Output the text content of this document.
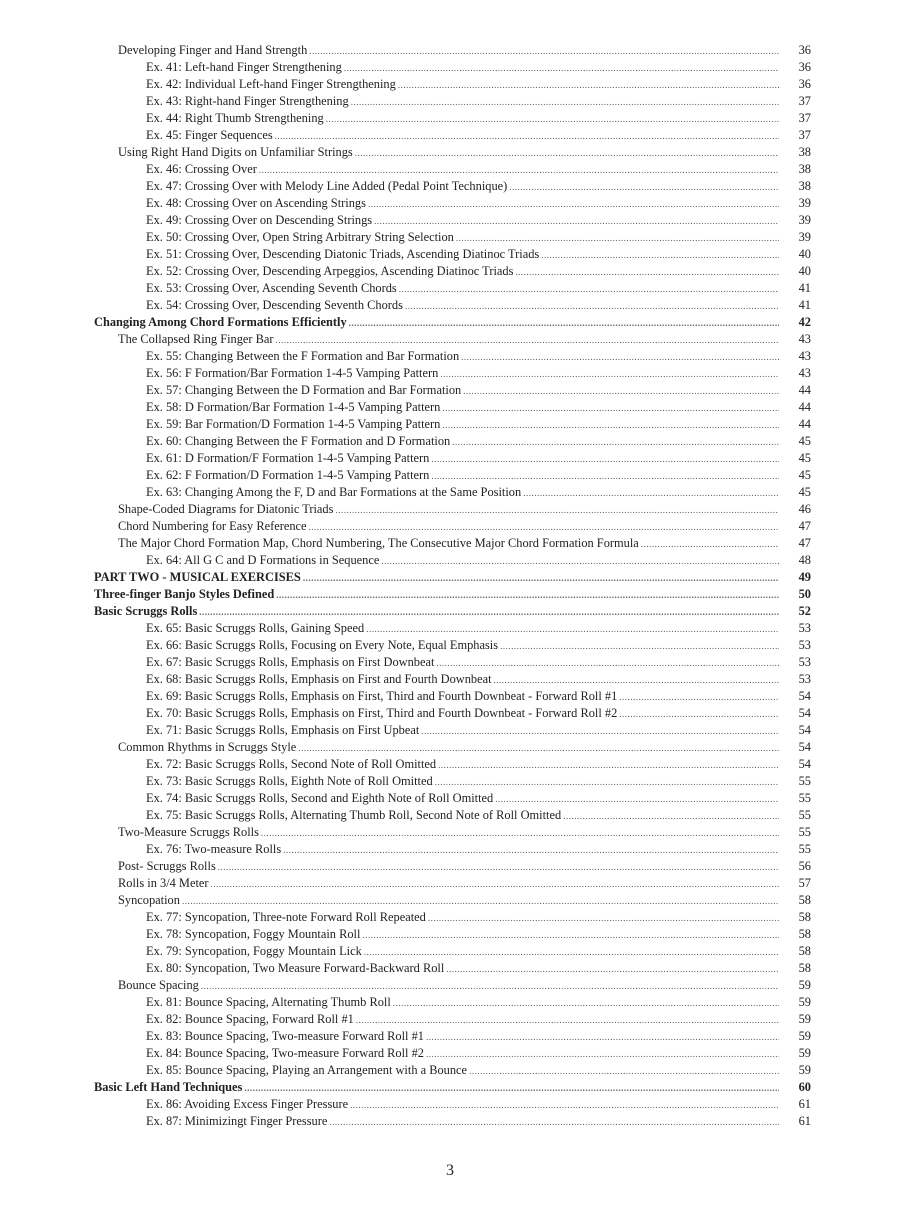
Developing Finger and Hand Strength .....	36
Ex. 41: Left-hand Finger Strengthening .....	36
Ex. 42: Individual Left-hand Finger Strengthening .....	36
Ex. 43: Right-hand Finger Strengthening .....	37
Ex. 44: Right Thumb Strengthening .....	37
Ex. 45: Finger Sequences .....	37
Using Right Hand Digits on Unfamiliar Strings .....	38
Ex. 46: Crossing Over .....	38
Ex. 47: Crossing Over with Melody Line Added (Pedal Point Technique) .....	38
Ex. 48: Crossing Over on Ascending Strings .....	39
Ex. 49: Crossing Over on Descending Strings .....	39
Ex. 50: Crossing Over, Open String Arbitrary String Selection .....	39
Ex. 51: Crossing Over, Descending Diatonic Triads, Ascending Diatinoc Triads .....	40
Ex. 52: Crossing Over, Descending Arpeggios, Ascending Diatinoc Triads .....	40
Ex. 53: Crossing Over, Ascending Seventh Chords .....	41
Ex. 54: Crossing Over, Descending Seventh Chords .....	41
Changing Among Chord Formations Efficiently .....	42
The Collapsed Ring Finger Bar .....	43
Ex. 55: Changing Between the F Formation and Bar Formation .....	43
Ex. 56: F Formation/Bar Formation 1-4-5 Vamping Pattern .....	43
Ex. 57: Changing Between the D Formation and Bar Formation .....	44
Ex. 58: D Formation/Bar Formation 1-4-5 Vamping Pattern .....	44
Ex. 59: Bar Formation/D Formation 1-4-5 Vamping Pattern .....	44
Ex. 60: Changing Between the F Formation and D Formation .....	45
Ex. 61: D Formation/F Formation 1-4-5 Vamping Pattern .....	45
Ex. 62: F Formation/D Formation 1-4-5 Vamping Pattern .....	45
Ex. 63: Changing Among the F, D and Bar Formations at the Same Position .....	45
Shape-Coded Diagrams for Diatonic Triads .....	46
Chord Numbering for Easy Reference .....	47
The Major Chord Formation Map, Chord Numbering, The Consecutive Major Chord Formation Formula .....	47
Ex. 64: All G C and D Formations in Sequence .....	48
PART TWO - MUSICAL EXERCISES .....	49
Three-finger Banjo Styles Defined .....	50
Basic Scruggs Rolls .....	52
Ex. 65: Basic Scruggs Rolls, Gaining Speed .....	53
Ex. 66: Basic Scruggs Rolls, Focusing on Every Note, Equal Emphasis .....	53
Ex. 67: Basic Scruggs Rolls, Emphasis on First Downbeat .....	53
Ex. 68: Basic Scruggs Rolls, Emphasis on First and Fourth Downbeat .....	53
Ex. 69: Basic Scruggs Rolls, Emphasis on First, Third and Fourth Downbeat - Forward Roll #1 .....	54
Ex. 70: Basic Scruggs Rolls, Emphasis on First, Third and Fourth Downbeat - Forward Roll #2 .....	54
Ex. 71: Basic Scruggs Rolls, Emphasis on First Upbeat .....	54
Common Rhythms in Scruggs Style .....	54
Ex. 72: Basic Scruggs Rolls, Second Note of Roll Omitted .....	54
Ex. 73: Basic Scruggs Rolls, Eighth Note of Roll Omitted .....	55
Ex. 74: Basic Scruggs Rolls, Second and Eighth Note of Roll Omitted .....	55
Ex. 75: Basic Scruggs Rolls, Alternating Thumb Roll, Second Note of Roll Omitted .....	55
Two-Measure Scruggs Rolls .....	55
Ex. 76: Two-measure Rolls .....	55
Post- Scruggs Rolls .....	56
Rolls in 3/4 Meter .....	57
Syncopation .....	58
Ex. 77: Syncopation, Three-note Forward Roll Repeated .....	58
Ex. 78: Syncopation, Foggy Mountain Roll .....	58
Ex. 79: Syncopation, Foggy Mountain Lick .....	58
Ex. 80: Syncopation, Two Measure Forward-Backward Roll .....	58
Bounce Spacing .....	59
Ex. 81: Bounce Spacing, Alternating Thumb Roll .....	59
Ex. 82: Bounce Spacing, Forward Roll #1 .....	59
Ex. 83: Bounce Spacing, Two-measure Forward Roll #1 .....	59
Ex. 84: Bounce Spacing, Two-measure Forward Roll #2 .....	59
Ex. 85: Bounce Spacing, Playing an Arrangement with a Bounce .....	59
Basic Left Hand Techniques .....	60
Ex. 86: Avoiding Excess Finger Pressure .....	61
Ex. 87: Minimizingt Finger Pressure .....	61
3
